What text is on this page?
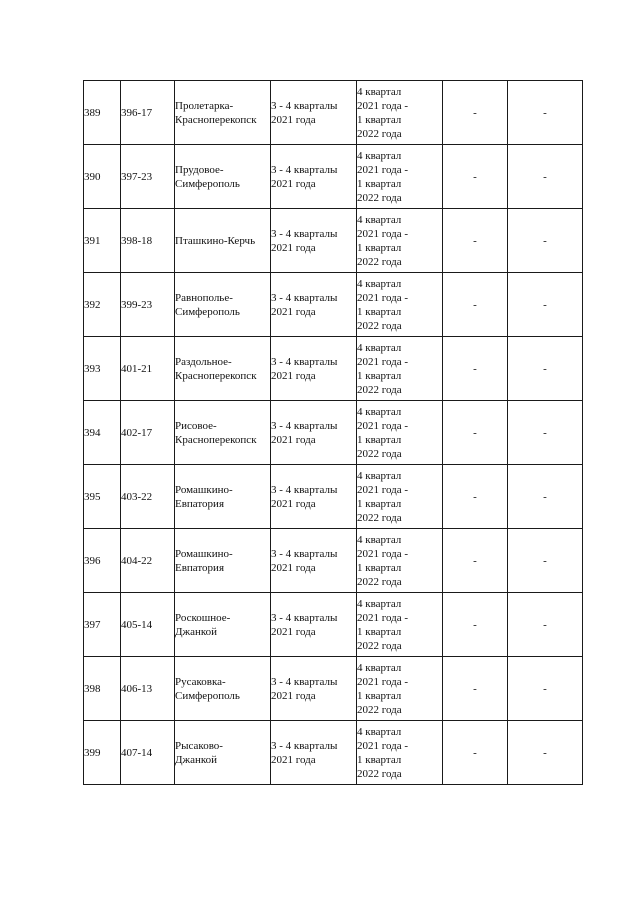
389	396-17	Пролетарка-
Красноперекопск	3 - 4 кварталы
2021 года	4 квартал
2021 года -
1 квартал
2022 года	-	-
390	397-23	Прудовое-
Симферополь	3 - 4 кварталы
2021 года	4 квартал
2021 года -
1 квартал
2022 года	-	-
391	398-18	Пташкино-Керчь	3 - 4 кварталы
2021 года	4 квартал
2021 года -
1 квартал
2022 года	-	-
392	399-23	Равнополье-
Симферополь	3 - 4 кварталы
2021 года	4 квартал
2021 года -
1 квартал
2022 года	-	-
393	401-21	Раздольное-
Красноперекопск	3 - 4 кварталы
2021 года	4 квартал
2021 года -
1 квартал
2022 года	-	-
394	402-17	Рисовое-
Красноперекопск	3 - 4 кварталы
2021 года	4 квартал
2021 года -
1 квартал
2022 года	-	-
395	403-22	Ромашкино-
Евпатория	3 - 4 кварталы
2021 года	4 квартал
2021 года -
1 квартал
2022 года	-	-
396	404-22	Ромашкино-
Евпатория	3 - 4 кварталы
2021 года	4 квартал
2021 года -
1 квартал
2022 года	-	-
397	405-14	Роскошное-
Джанкой	3 - 4 кварталы
2021 года	4 квартал
2021 года -
1 квартал
2022 года	-	-
398	406-13	Русаковка-
Симферополь	3 - 4 кварталы
2021 года	4 квартал
2021 года -
1 квартал
2022 года	-	-
399	407-14	Рысаково-
Джанкой	3 - 4 кварталы
2021 года	4 квартал
2021 года -
1 квартал
2022 года	-	-
